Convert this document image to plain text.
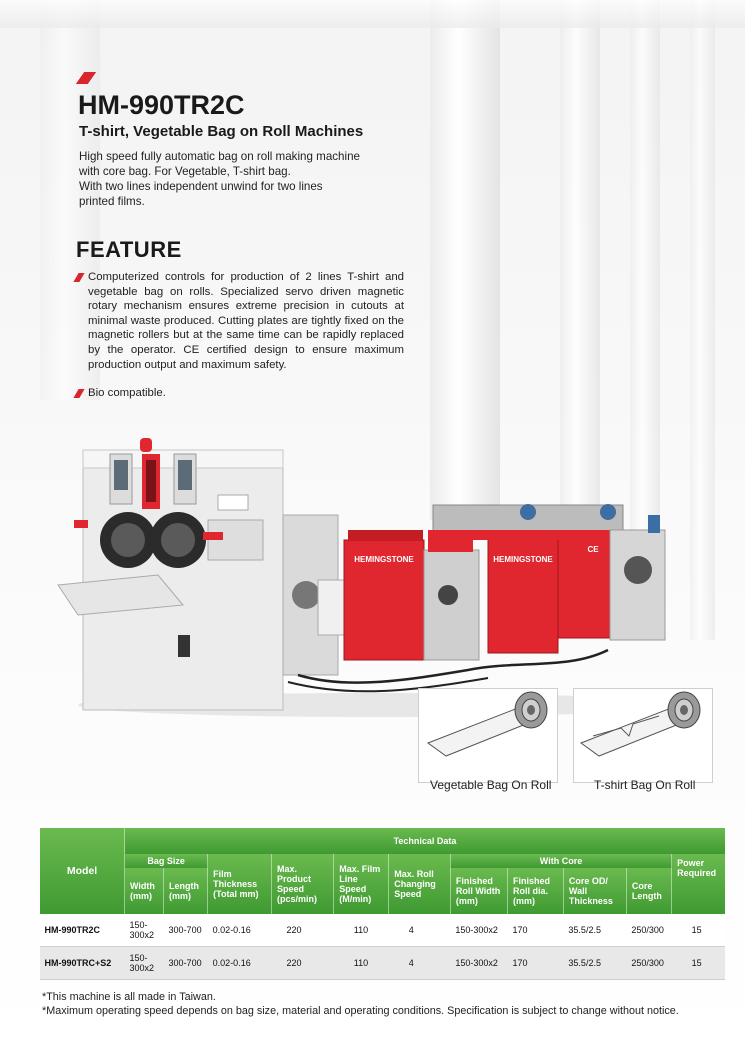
HM-990TR2C
T-shirt, Vegetable Bag on Roll Machines
High speed fully automatic bag on roll making machine
with core bag. For Vegetable, T-shirt bag.
With two lines independent unwind for two lines
printed films.
FEATURE
Computerized controls for production of 2 lines T-shirt and vegetable bag on rolls. Specialized servo driven magnetic rotary mechanism ensures extreme precision in cutouts at minimal waste produced. Cutting plates are tightly fixed on the magnetic rollers but at the same time can be rapidly replaced by the operator. CE certified design to ensure maximum production output and maximum safety.
Bio compatible.
HEMINGSTONE	HEMINGSTONE
CE
Vegetable Bag On Roll	T-shirt Bag On Roll
Model	Technical Data										
	Bag Size		Film Thickness (Total mm)	Max. Product Speed (pcs/min)	Max. Film Line Speed (M/min)	Max. Roll Changing Speed	With Core				Power Required
	Width (mm)	Length (mm)					Finished Roll Width (mm)	Finished Roll dia. (mm)	Core OD/ Wall Thickness	Core Length	
HM-990TR2C	150-300x2	300-700	0.02-0.16	220	110	4	150-300x2	170	35.5/2.5	250/300	15
HM-990TRC+S2	150-300x2	300-700	0.02-0.16	220	110	4	150-300x2	170	35.5/2.5	250/300	15
*This machine is all made in Taiwan.
*Maximum operating speed depends on bag size, material and operating conditions. Specification is subject to change without notice.
